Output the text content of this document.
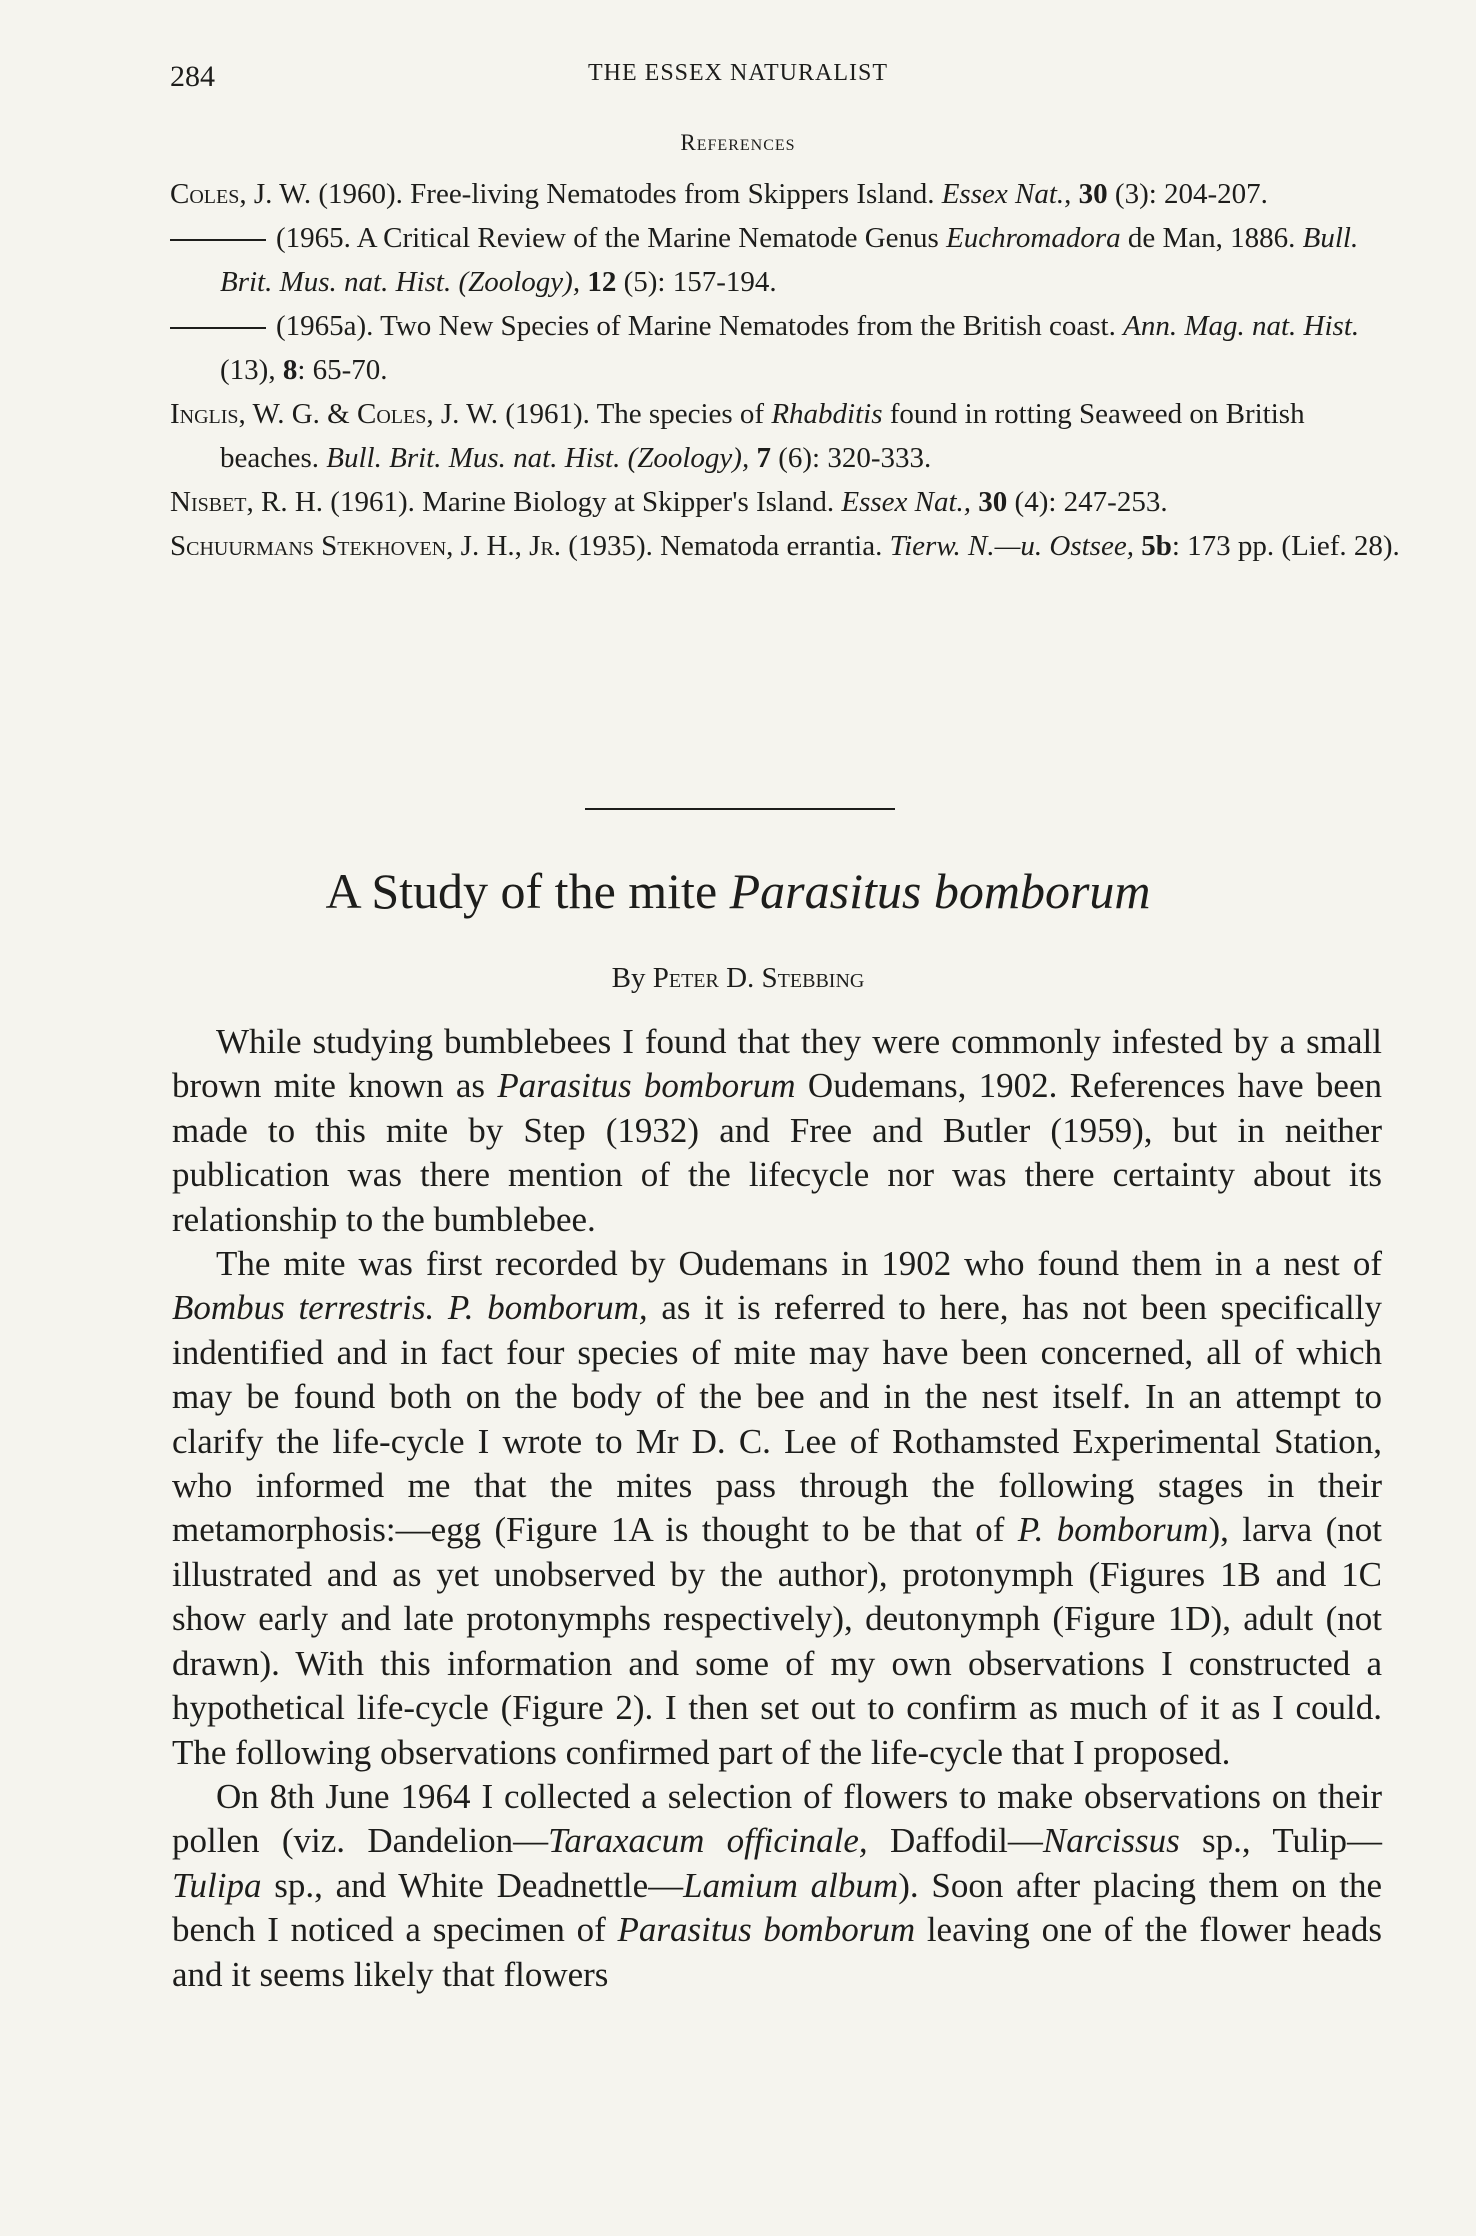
284	THE ESSEX NATURALIST
References

Coles, J. W. (1960). Free-living Nematodes from Skippers Island. Essex Nat., 30 (3): 204-207.

(1965. A Critical Review of the Marine Nematode Genus Euchromadora de Man, 1886. Bull. Brit. Mus. nat. Hist. (Zoology), 12 (5): 157-194.

(1965a). Two New Species of Marine Nematodes from the British coast. Ann. Mag. nat. Hist. (13), 8: 65-70.

Inglis, W. G. & Coles, J. W. (1961). The species of Rhabditis found in rotting Seaweed on British beaches. Bull. Brit. Mus. nat. Hist. (Zoology), 7 (6): 320-333.

Nisbet, R. H. (1961). Marine Biology at Skipper's Island. Essex Nat., 30 (4): 247-253.

Schuurmans Stekhoven, J. H., Jr. (1935). Nematoda errantia. Tierw. N.—u. Ostsee, 5b: 173 pp. (Lief. 28).

A Study of the mite Parasitus bomborum
By Peter D. Stebbing

While studying bumblebees I found that they were commonly infested by a small brown mite known as Parasitus bomborum Oudemans, 1902. References have been made to this mite by Step (1932) and Free and Butler (1959), but in neither publication was there mention of the lifecycle nor was there certainty about its relationship to the bumblebee.

The mite was first recorded by Oudemans in 1902 who found them in a nest of Bombus terrestris. P. bomborum, as it is referred to here, has not been specifically indentified and in fact four species of mite may have been concerned, all of which may be found both on the body of the bee and in the nest itself. In an attempt to clarify the life-cycle I wrote to Mr D. C. Lee of Rothamsted Experimental Station, who informed me that the mites pass through the following stages in their metamorphosis:—egg (Figure 1A is thought to be that of P. bomborum), larva (not illustrated and as yet unobserved by the author), protonymph (Figures 1B and 1C show early and late protonymphs respectively), deutonymph (Figure 1D), adult (not drawn). With this information and some of my own observations I constructed a hypothetical life-cycle (Figure 2). I then set out to confirm as much of it as I could. The following observations confirmed part of the life-cycle that I proposed.

On 8th June 1964 I collected a selection of flowers to make observations on their pollen (viz. Dandelion—Taraxacum officinale, Daffodil—Narcissus sp., Tulip—Tulipa sp., and White Deadnettle—Lamium album). Soon after placing them on the bench I noticed a specimen of Parasitus bomborum leaving one of the flower heads and it seems likely that flowers
